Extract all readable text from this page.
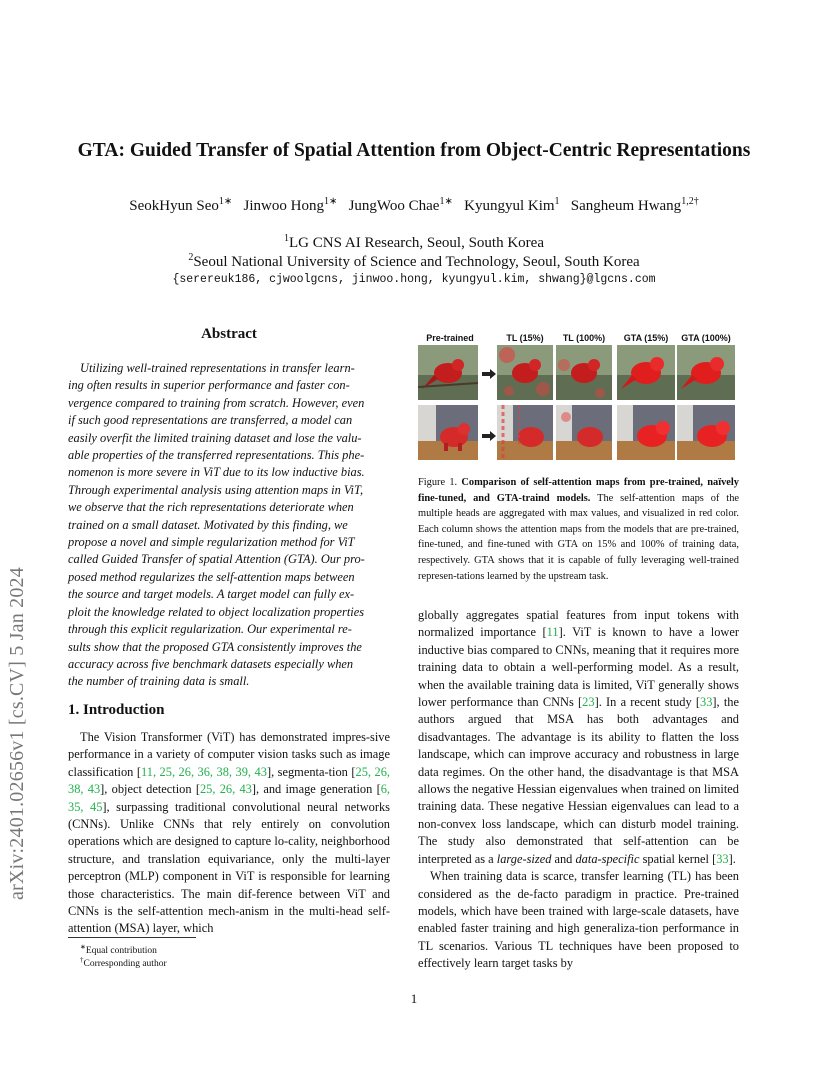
arXiv:2401.02656v1 [cs.CV] 5 Jan 2024
GTA: Guided Transfer of Spatial Attention from Object-Centric Representations
SeokHyun Seo$^{1∗}$ Jinwoo Hong$^{1∗}$ JungWoo Chae$^{1∗}$ Kyungyul Kim$^1$ Sangheum Hwang$^{1,2\dagger}$
$^1$LG CNS AI Research, Seoul, South Korea
$^2$Seoul National University of Science and Technology, Seoul, South Korea
{serereuk186, cjwoolgcns, jinwoo.hong, kyungyul.kim, shwang}@lgcns.com
Abstract
Utilizing well-trained representations in transfer learn-
ing often results in superior performance and faster con-
vergence compared to training from scratch. However, even
if such good representations are transferred, a model can
easily overfit the limited training dataset and lose the valu-
able properties of the transferred representations. This phe-
nomenon is more severe in ViT due to its low inductive bias.
Through experimental analysis using attention maps in ViT,
we observe that the rich representations deteriorate when
trained on a small dataset. Motivated by this finding, we
propose a novel and simple regularization method for ViT
called Guided Transfer of spatial Attention (GTA). Our pro-
posed method regularizes the self-attention maps between
the source and target models. A target model can fully ex-
ploit the knowledge related to object localization properties
through this explicit regularization. Our experimental re-
sults show that the proposed GTA consistently improves the
accuracy across five benchmark datasets especially when
the number of training data is small.
1. Introduction
The Vision Transformer (ViT) has demonstrated impres-sive performance in a variety of computer vision tasks such as image classification [11, 25, 26, 36, 38, 39, 43], segmenta-tion [25, 26, 38, 43], object detection [25, 26, 43], and image generation [6, 35, 45], surpassing traditional convolutional neural networks (CNNs). Unlike CNNs that rely entirely on convolution operations which are designed to capture lo-cality, neighborhood structure, and translation equivariance, only the multi-layer perceptron (MLP) component in ViT is responsible for learning those characteristics. The main dif-ference between ViT and CNNs is the self-attention mech-anism in the multi-head self-attention (MSA) layer, which
∗Equal contribution
†Corresponding author
Pre-trained	TL (15%)	TL (100%)	GTA (15%)	GTA (100%)
Figure 1. Comparison of self-attention maps from pre-trained, naïvely fine-tuned, and GTA-traind models. The self-attention maps of the multiple heads are aggregated with max values, and visualized in red color. Each column shows the attention maps from the models that are pre-trained, fine-tuned, and fine-tuned with GTA on 15% and 100% of training data, respectively. GTA shows that it is capable of fully leveraging well-trained represen-tations learned by the upstream task.

globally aggregates spatial features from input tokens with normalized importance [11]. ViT is known to have a lower inductive bias compared to CNNs, meaning that it requires more training data to obtain a well-performing model. As a result, when the available training data is limited, ViT generally shows lower performance than CNNs [23]. In a recent study [33], the authors argued that MSA has both advantages and disadvantages. The advantage is its ability to flatten the loss landscape, which can improve accuracy and robustness in large data regimes. On the other hand, the disadvantage is that MSA allows the negative Hessian eigenvalues when trained on limited training data. These negative Hessian eigenvalues can lead to a non-convex loss landscape, which can disturb model training. The study also demonstrated that self-attention can be interpreted as a large-sized and data-specific spatial kernel [33].

When training data is scarce, transfer learning (TL) has been considered as the de-facto paradigm in practice. Pre-trained models, which have been trained with large-scale datasets, have enabled faster training and high generaliza-tion performance in TL scenarios. Various TL techniques have been proposed to effectively learn target tasks by

1
